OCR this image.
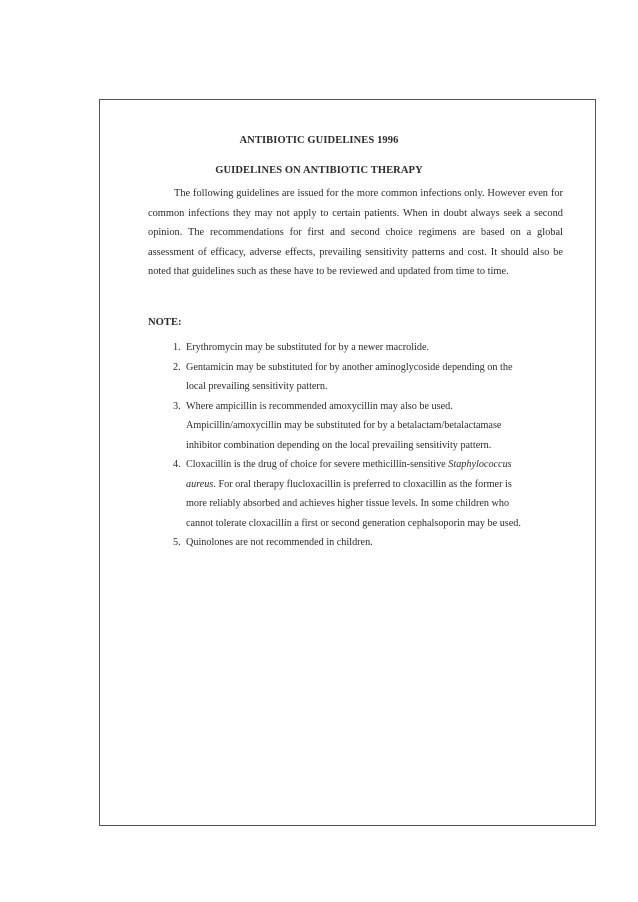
ANTIBIOTIC GUIDELINES 1996
GUIDELINES ON ANTIBIOTIC THERAPY

The following guidelines are issued for the more common infections only. However even for common infections they may not apply to certain patients. When in doubt always seek a second opinion. The recommendations for first and second choice regimens are based on a global assessment of efficacy, adverse effects, prevailing sensitivity patterns and cost. It should also be noted that guidelines such as these have to be reviewed and updated from time to time.

NOTE:
1. Erythromycin may be substituted for by a newer macrolide.
2. Gentamicin may be substituted for by another aminoglycoside depending on the
local prevailing sensitivity pattern.
3. Where ampicillin is recommended amoxycillin may also be used.
Ampicillin/amoxycillin may be substituted for by a betalactam/betalactamase
inhibitor combination depending on the local prevailing sensitivity pattern.
4. Cloxacillin is the drug of choice for severe methicillin-sensitive Staphylococcus
aureus. For oral therapy flucloxacillin is preferred to cloxacillin as the former is
more reliably absorbed and achieves higher tissue levels. In some children who
cannot tolerate cloxacillin a first or second generation cephalsoporin may be used.
5. Quinolones are not recommended in children.
